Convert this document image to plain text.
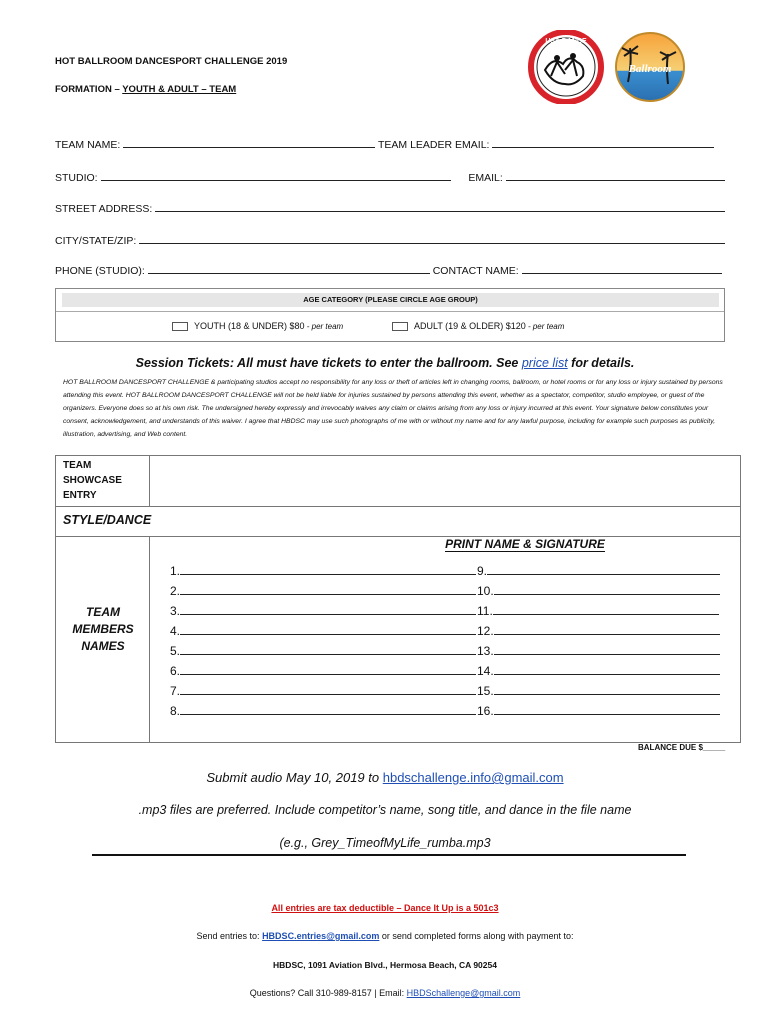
HOT BALLROOM DANCESPORT CHALLENGE 2019
FORMATION – YOUTH & ADULT – TEAM
USA DANCE
Ballroom
TEAM NAME:	TEAM LEADER EMAIL:
STUDIO:	EMAIL:
STREET ADDRESS:
CITY/STATE/ZIP:
PHONE (STUDIO):	CONTACT NAME:
AGE CATEGORY (PLEASE CIRCLE AGE GROUP)
YOUTH (18 & UNDER) $80 - per team	ADULT (19 & OLDER) $120 - per team
Session Tickets: All must have tickets to enter the ballroom. See price list for details.
HOT BALLROOM DANCESPORT CHALLENGE & participating studios accept no responsibility for any loss or theft of articles left in changing rooms, ballroom, or hotel rooms or for any loss or injury sustained by persons attending this event. HOT BALLROOM DANCESPORT CHALLENGE will not be held liable for injuries sustained by persons attending this event, whether as a spectator, competitor, studio employee, or guest of the organizers. Everyone does so at his own risk. The undersigned hereby expressly and irrevocably waives any claim or claims arising from any loss or injury incurred at this event. Your signature below constitutes your consent, acknowledgement, and understands of this waiver. I agree that HBDSC may use such photographs of me with or without my name and for any lawful purpose, including for example such purposes as publicity, illustration, advertising, and Web content.
TEAM SHOWCASE ENTRY
STYLE/DANCE
TEAM MEMBERS NAMES
PRINT NAME & SIGNATURE
1.
2.
3.
4.
5.
6.
7.
8.
9.
10.
11.
12.
13.
14.
15.
16.
BALANCE DUE $_____
Submit audio May 10, 2019 to hbdschallenge.info@gmail.com
.mp3 files are preferred. Include competitor’s name, song title, and dance in the file name
(e.g., Grey_TimeofMyLife_rumba.mp3
All entries are tax deductible – Dance It Up is a 501c3
Send entries to: HBDSC.entries@gmail.com or send completed forms along with payment to:
HBDSC, 1091 Aviation Blvd., Hermosa Beach, CA 90254
Questions? Call 310-989-8157 | Email: HBDSchallenge@gmail.com
